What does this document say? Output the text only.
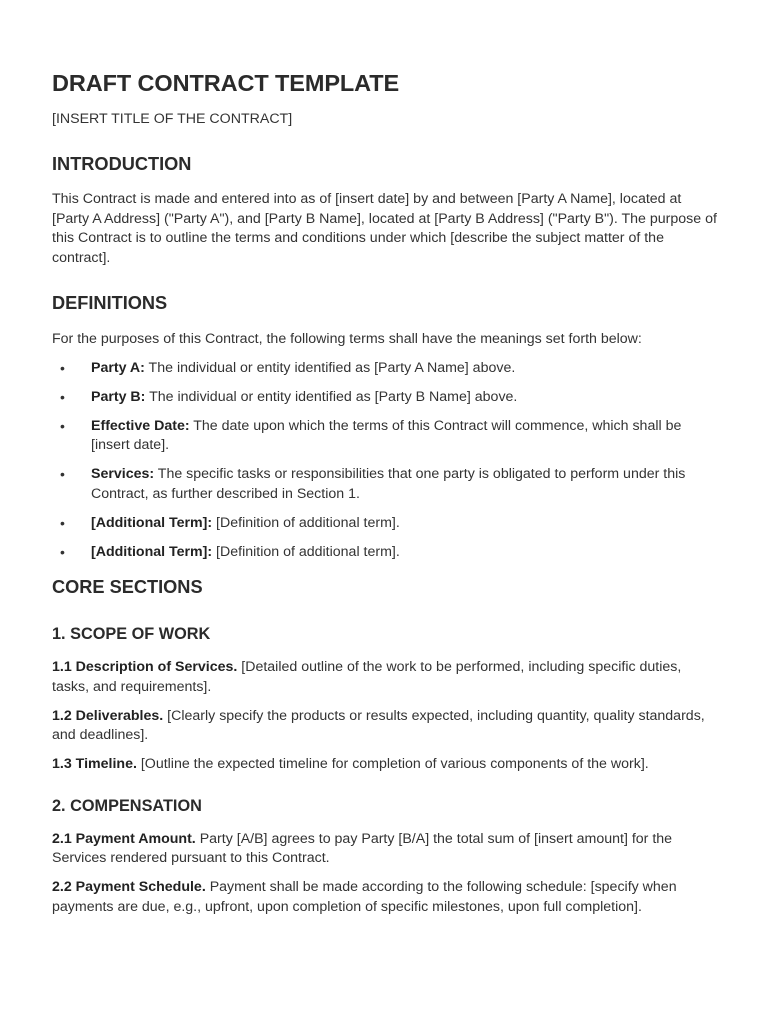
DRAFT CONTRACT TEMPLATE
[INSERT TITLE OF THE CONTRACT]
INTRODUCTION

This Contract is made and entered into as of [insert date] by and between [Party A Name], located at [Party A Address] ("Party A"), and [Party B Name], located at [Party B Address] ("Party B"). The purpose of this Contract is to outline the terms and conditions under which [describe the subject matter of the contract].

DEFINITIONS

For the purposes of this Contract, the following terms shall have the meanings set forth below:

• Party A: The individual or entity identified as [Party A Name] above.
• Party B: The individual or entity identified as [Party B Name] above.
• Effective Date: The date upon which the terms of this Contract will commence, which shall be [insert date].
• Services: The specific tasks or responsibilities that one party is obligated to perform under this Contract, as further described in Section 1.
• [Additional Term]: [Definition of additional term].
• [Additional Term]: [Definition of additional term].
CORE SECTIONS
1. SCOPE OF WORK

1.1 Description of Services. [Detailed outline of the work to be performed, including specific duties, tasks, and requirements].

1.2 Deliverables. [Clearly specify the products or results expected, including quantity, quality standards, and deadlines].

1.3 Timeline. [Outline the expected timeline for completion of various components of the work].

2. COMPENSATION

2.1 Payment Amount. Party [A/B] agrees to pay Party [B/A] the total sum of [insert amount] for the Services rendered pursuant to this Contract.

2.2 Payment Schedule. Payment shall be made according to the following schedule: [specify when payments are due, e.g., upfront, upon completion of specific milestones, upon full completion].
